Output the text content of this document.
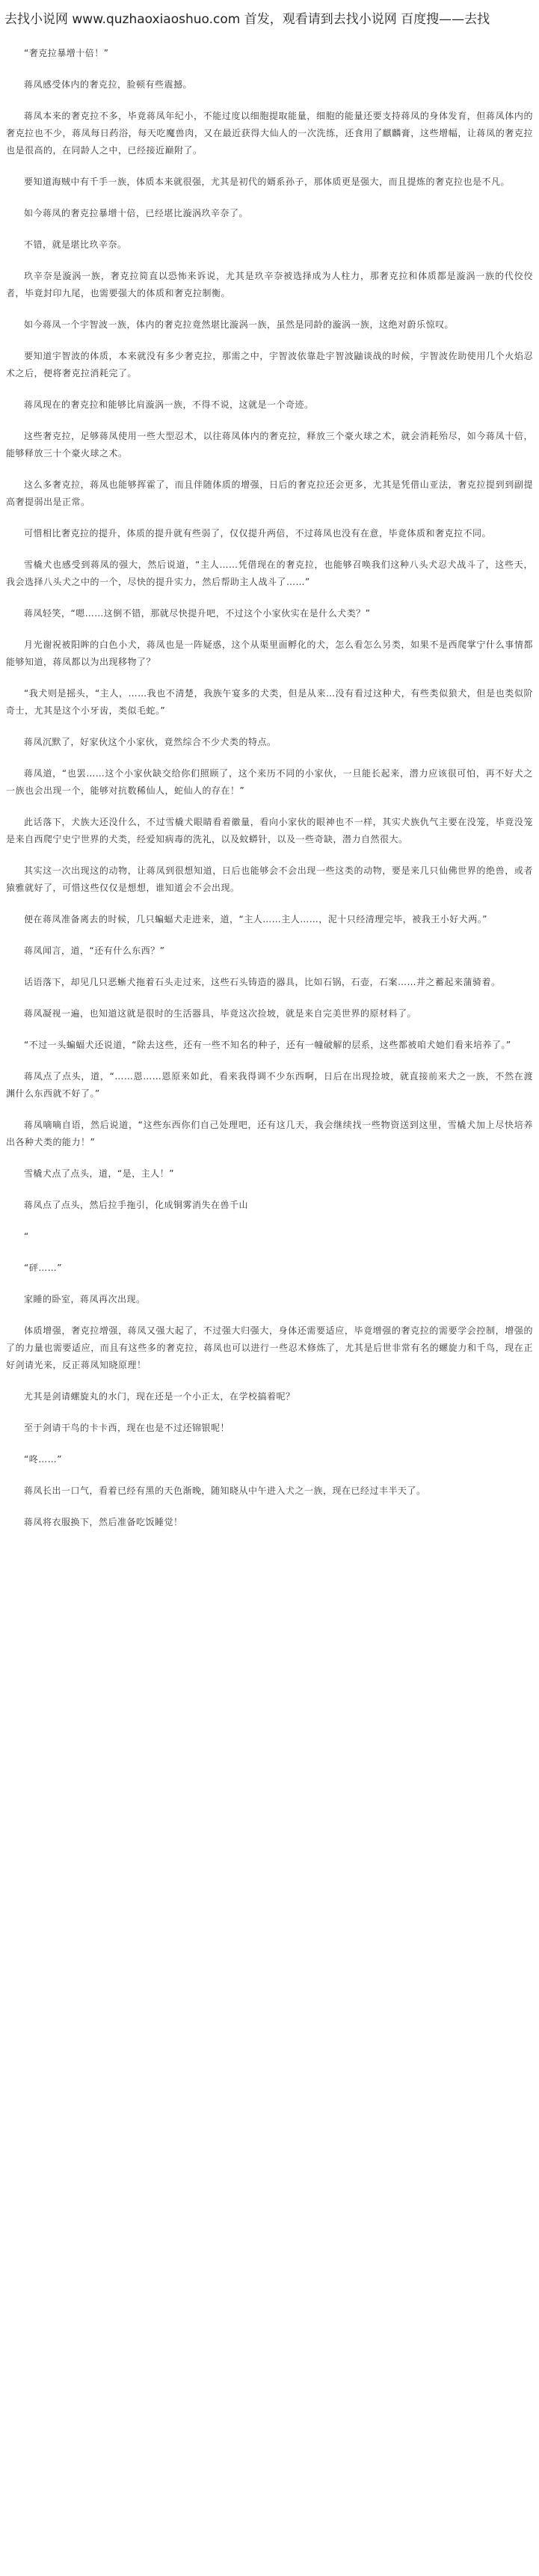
去找小说网 www.quzhaoxiaoshuo.com 首发，观看请到去找小说网 百度搜——去找

“奢克拉暴增十倍！”

蒋凤感受体内的奢克拉，脸顿有些震撼。

蒋凤本来的奢克拉不多，毕竟蒋凤年纪小，不能过度以细胞提取能量，细胞的能量还要支持蒋凤的身体发育，但蒋凤体内的奢克拉也不少，蒋凤每日药浴，每天吃魔兽肉，又在最近获得大仙人的一次洗练，还食用了麒麟膏，这些增幅，让蒋凤的奢克拉也是很高的，在同龄人之中，已经接近巅附了。

要知道海贼中有千手一族，体质本来就很强，尤其是初代的婿系孙子，那体质更是强大，而且提炼的奢克拉也是不凡。

如今蒋凤的奢克拉暴增十倍，已经堪比漩涡玖辛奈了。

不错，就是堪比玖辛奈。

玖辛奈是漩涡一族，奢克拉简直以恐怖来诉说，尤其是玖辛奈被选择成为人柱力，那奢克拉和体质都是漩涡一族的代佼佼者，毕竟封印九尾，也需要强大的体质和奢克拉制衡。

如今蒋凤一个宇智波一族，体内的奢克拉竟然堪比漩涡一族，虽然是同龄的漩涡一族，这绝对蔚乐惊叹。

要知道宇智波的体质，本来就没有多少奢克拉，那需之中，宇智波依靠赴宇智波鼬谈战的时候，宇智波佐助使用几个火焰忍术之后，便将奢克拉消耗完了。

蒋凤现在的奢克拉和能够比肩漩涡一族，不得不说，这就是一个奇迹。

这些奢克拉，足够蒋凤使用一些大型忍术，以往蒋凤体内的奢克拉，释放三个豪火球之术，就会消耗殆尽，如今蒋凤十倍，能够释放三十个豪火球之术。

这么多奢克拉，蒋凤也能够挥霍了，而且伴随体质的增强，日后的奢克拉还会更多，尤其是凭借山亚法，奢克拉提到到副提高奢提弱出是正常。

可惜相比奢克拉的提升，体质的提升就有些弱了，仅仅提升两倍，不过蒋凤也没有在意，毕竟体质和奢克拉不同。

雪橇犬也感受到蒋凤的强大，然后说道，“主人……凭借现在的奢克拉，也能够召唤我们这种八头犬忍犬战斗了，这些天，我会选择八头犬之中的一个，尽快的提升实力，然后帮助主人战斗了……”

蒋凤轻笑，“嗯……这倒不错，那就尽快提升吧，不过这个小家伙实在是什么犬类？”

月光谢祝被阳眸的白色小犬，蒋凤也是一阵疑惑，这个从渠里面孵化的犬，怎么看怎么另类，如果不是西爬掌宁什么事情都能够知道，蒋凤都以为出现移物了？

“我犬则是摇头，“主人，……我也不清楚，我族午宴多的犬类，但是从来…没有看过这种犬，有些类似狼犬，但是也类似阶奇士，尤其是这个小牙齿，类似毛蛇。”

蒋凤沉默了，好家伙这个小家伙，竟然综合不少犬类的特点。

蒋凤道，“也罢……这个小家伙缺交给你们照顾了，这个来历不同的小家伙，一旦能长起来，潜力应该很可怕，再不好犬之一族也会出现一个，能够对抗数稀仙人，蛇仙人的存在！”

此话落下，犬族大还没什么，不过雪橇犬眼睛看着徽量，看向小家伙的眼神也不一样，其实犬族仇气主要在没笼，毕竟没笼是来自西爬宁史宁世界的犬类，经爱知病毒的洗礼，以及蚊蟒针，以及一些奇缺，潜力自然很大。

其实这一次出现这的动物，让蒋凤到很想知道，日后也能够会不会出现一些这类的动物，要是来几只仙佛世界的绝兽，或者猿雅就好了，可惜这些仅仅是想想，谁知道会不会出现。

便在蒋凤准备离去的时候，几只蝙蝠犬走进来，道，“主人……主人……，泥十只经清理完毕，被我王小好犬两。”

蒋凤闻言，道，“还有什么东西？”

话语落下，却见几只恶蜥犬拖着石头走过来，这些石头铸造的器具，比如石锅，石壶，石案……并之蓄起来蒲骑着。

蒋凤凝视一遍，也知道这就是很时的生活器具，毕竟这次捡坡，就是来自完美世界的原材料了。

“不过一头蝙蝠犬还说道，“除去这些，还有一些不知名的种子，还有一幢破解的层系，这些都被咱犬她们看来培养了。”

蒋凤点了点头，道，“……恩……恩原来如此，看来我得调不少东西啊，日后在出现捡坡，就直接前来犬之一族，不然在渡渊什么东西就不好了。”

蒋凤嘀嘀自语，然后说道，“这些东西你们自己处理吧，还有这几天，我会继续找一些物资送到这里，雪橇犬加上尽快培养出各种犬类的能力！”

雪橇犬点了点头，道，“是，主人！”

蒋凤点了点头，然后拉手拖引，化成铜雾消失在兽千山

“

“砰……”

家睡的卧室，蒋凤再次出现。

体质增强，奢克拉增强，蒋凤又强大起了，不过强大归强大，身体还需要适应，毕竟增强的奢克拉的需要学会控制，增强的了的力量也需要适应，而且有这些多的奢克拉，蒋凤也可以进行一些忍术修炼了，尤其是后世非常有名的螺旋力和千鸟，现在正好剑请光来，反正蒋凤知晓原理！

尤其是剑请螺旋丸的水门，现在还是一个小正太，在学校搞着呢？

至于剑请干鸟的卡卡西，现在也是不过还锦银呢！

“咚……”

蒋凤长出一口气，看着已经有黑的天色渐晚，随知晓从中午进入犬之一族，现在已经过丰半天了。

蒋凤将衣服换下，然后准备吃饭睡觉！
